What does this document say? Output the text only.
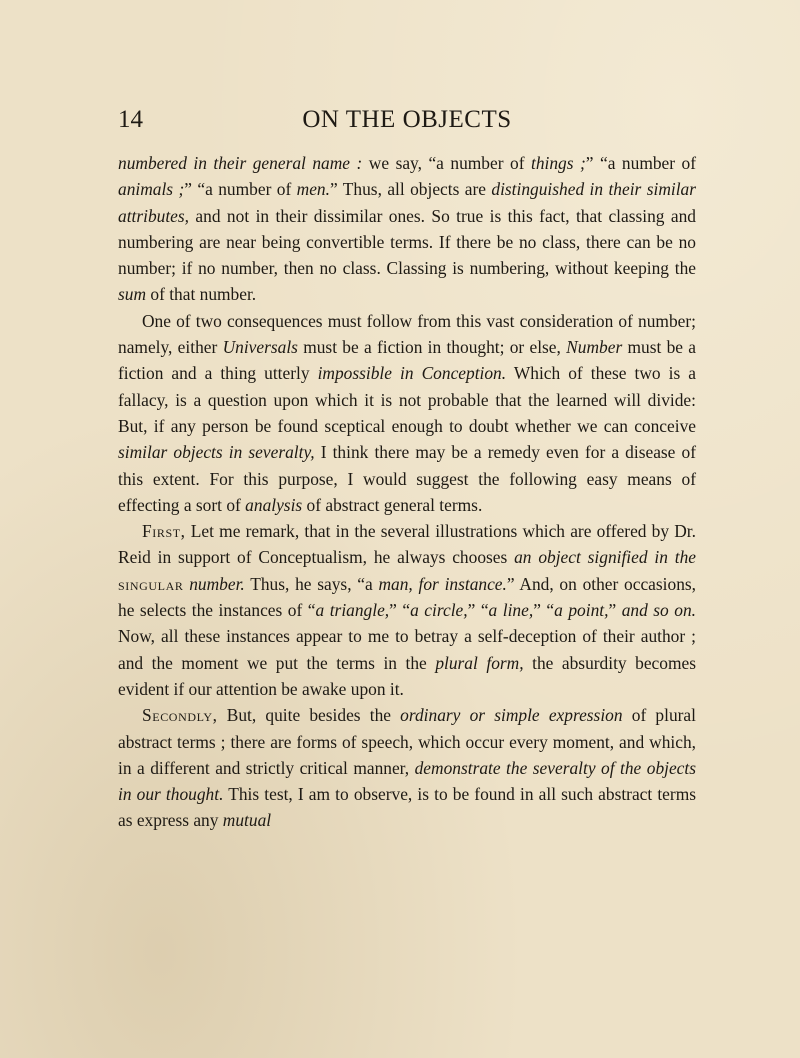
14	ON THE OBJECTS

numbered in their general name : we say, “a number of things ;” “a number of animals ;” “a number of men.” Thus, all objects are distinguished in their similar attributes, and not in their dissimilar ones. So true is this fact, that classing and numbering are near being convertible terms. If there be no class, there can be no number; if no number, then no class. Classing is numbering, without keeping the sum of that number.

One of two consequences must follow from this vast consideration of number; namely, either Universals must be a fiction in thought; or else, Number must be a fiction and a thing utterly impossible in Conception. Which of these two is a fallacy, is a question upon which it is not probable that the learned will divide: But, if any person be found sceptical enough to doubt whether we can conceive similar objects in severalty, I think there may be a remedy even for a disease of this extent. For this purpose, I would suggest the following easy means of effecting a sort of analysis of abstract general terms.

First, Let me remark, that in the several illustrations which are offered by Dr. Reid in support of Conceptualism, he always chooses an object signified in the singular number. Thus, he says, “a man, for instance.” And, on other occasions, he selects the instances of “a triangle,” “a circle,” “a line,” “a point,” and so on. Now, all these instances appear to me to betray a self-deception of their author ; and the moment we put the terms in the plural form, the absurdity becomes evident if our attention be awake upon it.

Secondly, But, quite besides the ordinary or simple expression of plural abstract terms ; there are forms of speech, which occur every moment, and which, in a different and strictly critical manner, demonstrate the severalty of the objects in our thought. This test, I am to observe, is to be found in all such abstract terms as express any mutual
